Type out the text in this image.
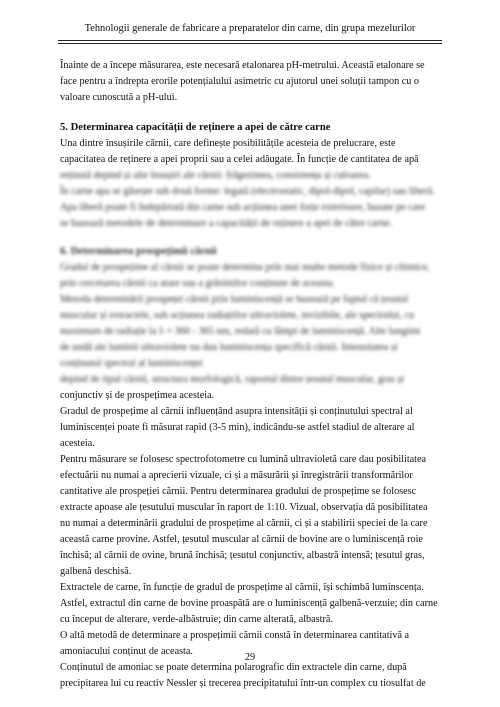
Tehnologii generale de fabricare a preparatelor din carne, din grupa mezelurilor

Înainte de a începe măsurarea, este necesară etalonarea pH-metrului. Această etalonare se

face pentru a îndrepta erorile potențialului asimetric cu ajutorul unei soluții tampon cu o

valoare cunoscută a pH-ului.

5. Determinarea capacității de reținere a apei de către carne

Una dintre însușirile cărnii, care definește posibilitățile acesteia de prelucrare, este

capacitatea de reținere a apei proprii sau a celei adăugate. În funcție de cantitatea de apă

reținută depind și alte însușiri ale cărnii: frăgezimea, consistența și culoarea.

În carne apa se găsește sub două forme: legată (electrostatic, dipol-dipol, capilar) sau liberă.

Apa liberă poate fi îndepărtată din carne sub acțiunea unei forțe exterioare, bazate pe care

se bazează metodele de determinare a capacității de reținere a apei de către carne.

6. Determinarea prospețimii cărnii

Gradul de prospețime al cărnii se poate determina prin mai multe metode fizice și chimice,

prin cercetarea cărnii ca atare sau a grăsimilor conținute de aceasta.

Metoda determinării prospeței cărnii prin luminiscență se bazează pe faptul că țesutul

muscular și extractele, sub acțiunea radiațiilor ultraviolete, invizibile, ale spectrului, cu

maximum de radiație la λ = 360 - 365 nm, redată cu lămpi de luminiscență. Alte lungimi

de undă ale luminii ultraviolete nu dau luminiscența specifică cărnii. Intensitatea și

conținutul spectral al luminiscenței

depind de tipul cărnii, structura morfologică, raportul dintre țesutul muscular, gras și

conjunctiv și de prospețimea acesteia.

Gradul de prospețime al cărnii influențând asupra intensității și conținutului spectral al

luminiscenței poate fi măsurat rapid (3-5 min), indicându-se astfel stadiul de alterare al

acesteia.

Pentru măsurare se folosesc spectrofotometre cu lumină ultravioletă care dau posibilitatea

efectuării nu numai a aprecierii vizuale, ci și a măsurării și înregistrării transformărilor

cantitative ale prospeției cărnii. Pentru determinarea gradului de prospețime se folosesc

extracte apoase ale țesutului muscular în raport de 1:10. Vizual, observația dă posibilitatea

nu numai a determinării gradului de prospețime al cărnii, ci și a stabilirii speciei de la care

această carne provine. Astfel, țesutul muscular al cărnii de bovine are o luminiscență roie

închisă; al cărnii de ovine, brună închisă; țesutul conjunctiv, albastră intensă; țesutul gras,

galbenă deschisă.

Extractele de carne, în funcție de gradul de prospețime al cărnii, își schimbă luminscența.

Astfel, extractul din carne de bovine proaspătă are o luminiscență galbenă-verzuie; din carne

cu început de alterare, verde-albăstruie; din carne alterată, albastră.

O altă metodă de determinare a prospețimii cărnii constă în determinarea cantitativă a

amoniacului conținut de aceasta.

Conținutul de amoniac se poate determina polarografic din extractele din carne, după

precipitarea lui cu reactiv Nessler și trecerea precipitatului într-un complex cu tiosulfat de

29
